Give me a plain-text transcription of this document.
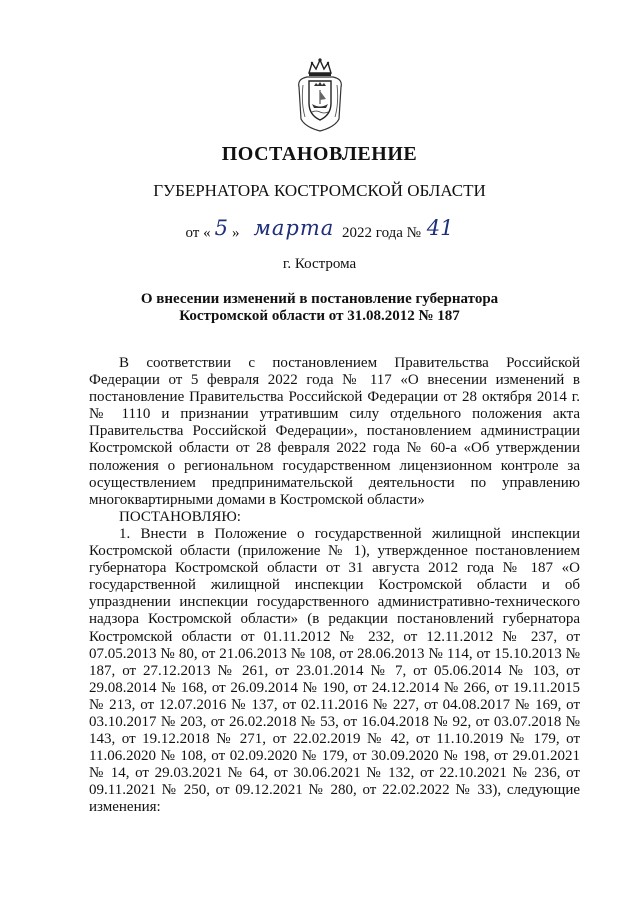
ПОСТАНОВЛЕНИЕ
ГУБЕРНАТОРА КОСТРОМСКОЙ ОБЛАСТИ
от « 5 » марта 2022 года № 41
г. Кострома
О внесении изменений в постановление губернатора
Костромской области от 31.08.2012 № 187

В соответствии с постановлением Правительства Российской Федерации от 5 февраля 2022 года № 117 «О внесении изменений в постановление Правительства Российской Федерации от 28 октября 2014 г. № 1110 и признании утратившим силу отдельного положения акта Правительства Российской Федерации», постановлением администрации Костромской области от 28 февраля 2022 года № 60-а «Об утверждении положения о региональном государственном лицензионном контроле за осуществлением предпринимательской деятельности по управлению многоквартирными домами в Костромской области»

ПОСТАНОВЛЯЮ:

1. Внести в Положение о государственной жилищной инспекции Костромской области (приложение № 1), утвержденное постановлением губернатора Костромской области от 31 августа 2012 года № 187 «О государственной жилищной инспекции Костромской области и об упразднении инспекции государственного административно-технического надзора Костромской области» (в редакции постановлений губернатора Костромской области от 01.11.2012 № 232, от 12.11.2012 № 237, от 07.05.2013 № 80, от 21.06.2013 № 108, от 28.06.2013 № 114, от 15.10.2013 № 187, от 27.12.2013 № 261, от 23.01.2014 № 7, от 05.06.2014 № 103, от 29.08.2014 № 168, от 26.09.2014 № 190, от 24.12.2014 № 266, от 19.11.2015 № 213, от 12.07.2016 № 137, от 02.11.2016 № 227, от 04.08.2017 № 169, от 03.10.2017 № 203, от 26.02.2018 № 53, от 16.04.2018 № 92, от 03.07.2018 № 143, от 19.12.2018 № 271, от 22.02.2019 № 42, от 11.10.2019 № 179, от 11.06.2020 № 108, от 02.09.2020 № 179, от 30.09.2020 № 198, от 29.01.2021 № 14, от 29.03.2021 № 64, от 30.06.2021 № 132, от 22.10.2021 № 236, от 09.11.2021 № 250, от 09.12.2021 № 280, от 22.02.2022 № 33), следующие изменения:
